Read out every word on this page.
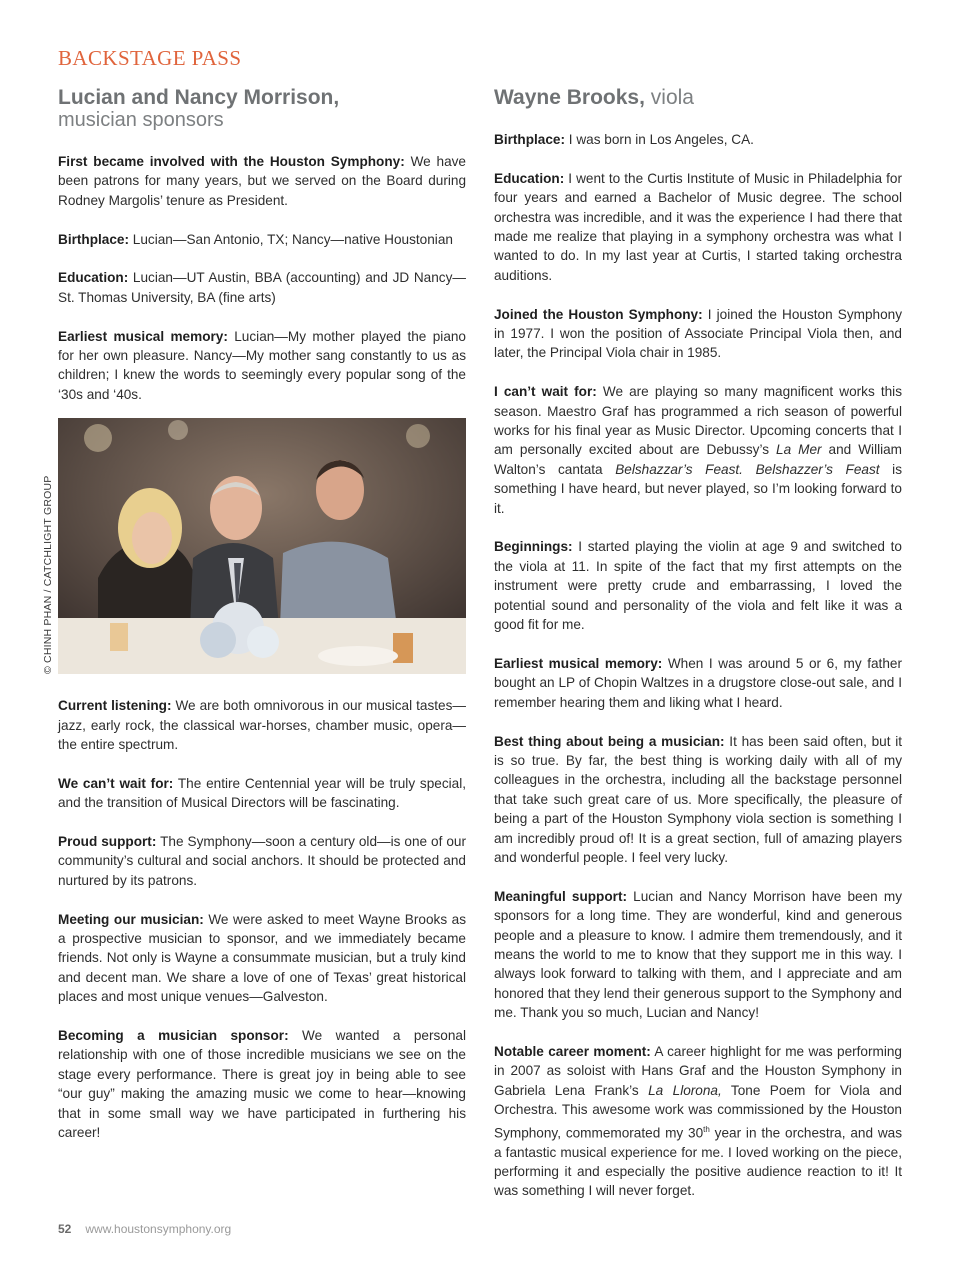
BACKSTAGE PASS
Lucian and Nancy Morrison,

musician sponsors

First became involved with the Houston Symphony: We have been patrons for many years, but we served on the Board during Rodney Margolis’ tenure as President.

Birthplace: Lucian—San Antonio, TX; Nancy—native Houstonian

Education: Lucian—UT Austin, BBA (accounting) and JD Nancy—St. Thomas University, BA (fine arts)

Earliest musical memory: Lucian—My mother played the piano for her own pleasure. Nancy—My mother sang constantly to us as children; I knew the words to seemingly every popular song of the ‘30s and ‘40s.

© CHINH PHAN / CATCHLIGHT GROUP

Current listening: We are both omnivorous in our musical tastes—jazz, early rock, the classical war-horses, chamber music, opera—the entire spectrum.

We can’t wait for: The entire Centennial year will be truly special, and the transition of Musical Directors will be fascinating.

Proud support: The Symphony—soon a century old—is one of our community’s cultural and social anchors. It should be protected and nurtured by its patrons.

Meeting our musician: We were asked to meet Wayne Brooks as a prospective musician to sponsor, and we immediately became friends. Not only is Wayne a consummate musician, but a truly kind and decent man. We share a love of one of Texas’ great historical places and most unique venues—Galveston.

Becoming a musician sponsor: We wanted a personal relationship with one of those incredible musicians we see on the stage every performance. There is great joy in being able to see “our guy” making the amazing music we come to hear—knowing that in some small way we have participated in furthering his career!

Wayne Brooks, viola

Birthplace: I was born in Los Angeles, CA.

Education: I went to the Curtis Institute of Music in Philadelphia for four years and earned a Bachelor of Music degree. The school orchestra was incredible, and it was the experience I had there that made me realize that playing in a symphony orchestra was what I wanted to do. In my last year at Curtis, I started taking orchestra auditions.

Joined the Houston Symphony: I joined the Houston Symphony in 1977. I won the position of Associate Principal Viola then, and later, the Principal Viola chair in 1985.

I can’t wait for: We are playing so many magnificent works this season. Maestro Graf has programmed a rich season of powerful works for his final year as Music Director. Upcoming concerts that I am personally excited about are Debussy’s La Mer and William Walton’s cantata Belshazzar’s Feast. Belshazzer’s Feast is something I have heard, but never played, so I’m looking forward to it.

Beginnings: I started playing the violin at age 9 and switched to the viola at 11. In spite of the fact that my first attempts on the instrument were pretty crude and embarrassing, I loved the potential sound and personality of the viola and felt like it was a good fit for me.

Earliest musical memory: When I was around 5 or 6, my father bought an LP of Chopin Waltzes in a drugstore close-out sale, and I remember hearing them and liking what I heard.

Best thing about being a musician: It has been said often, but it is so true. By far, the best thing is working daily with all of my colleagues in the orchestra, including all the backstage personnel that take such great care of us. More specifically, the pleasure of being a part of the Houston Symphony viola section is something I am incredibly proud of! It is a great section, full of amazing players and wonderful people. I feel very lucky.

Meaningful support: Lucian and Nancy Morrison have been my sponsors for a long time. They are wonderful, kind and generous people and a pleasure to know. I admire them tremendously, and it means the world to me to know that they support me in this way. I always look forward to talking with them, and I appreciate and am honored that they lend their generous support to the Symphony and me. Thank you so much, Lucian and Nancy!

Notable career moment: A career highlight for me was performing in 2007 as soloist with Hans Graf and the Houston Symphony in Gabriela Lena Frank’s La Llorona, Tone Poem for Viola and Orchestra. This awesome work was commissioned by the Houston Symphony, commemorated my 30th year in the orchestra, and was a fantastic musical experience for me. I loved working on the piece, performing it and especially the positive audience reaction to it! It was something I will never forget.

52 www.houstonsymphony.org
